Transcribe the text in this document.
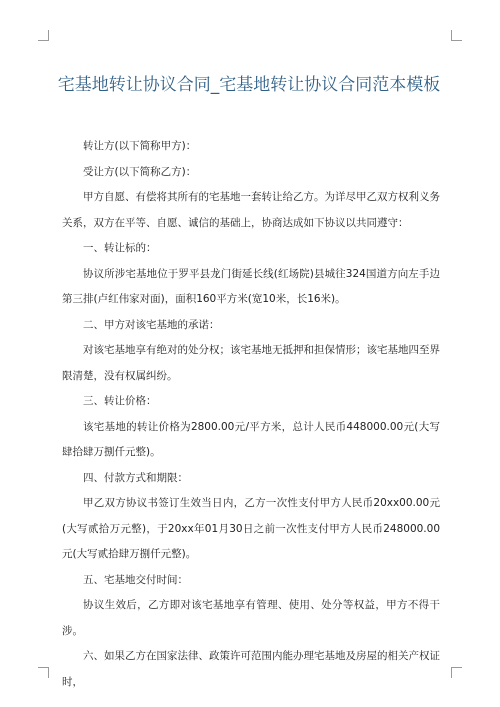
宅基地转让协议合同_宅基地转让协议合同范本模板

转让方(以下简称甲方)：

受让方(以下简称乙方)：

甲方自愿、有偿将其所有的宅基地一套转让给乙方。为详尽甲乙双方权利义务关系，双方在平等、自愿、诚信的基础上，协商达成如下协议以共同遵守：

一、转让标的：

协议所涉宅基地位于罗平县龙门街延长线(红场院)县城往324国道方向左手边第三排(卢红伟家对面)，面积160平方米(宽10米，长16米)。

二、甲方对该宅基地的承诺：

对该宅基地享有绝对的处分权；该宅基地无抵押和担保情形；该宅基地四至界限清楚，没有权属纠纷。

三、转让价格：

该宅基地的转让价格为2800.00元/平方米，总计人民币448000.00元(大写肆拾肆万捌仟元整)。

四、付款方式和期限：

甲乙双方协议书签订生效当日内，乙方一次性支付甲方人民币20xx00.00元(大写贰拾万元整)，于20xx年01月30日之前一次性支付甲方人民币248000.00元(大写贰拾肆万捌仟元整)。

五、宅基地交付时间：

协议生效后，乙方即对该宅基地享有管理、使用、处分等权益，甲方不得干涉。

六、如果乙方在国家法律、政策许可范围内能办理宅基地及房屋的相关产权证时，
